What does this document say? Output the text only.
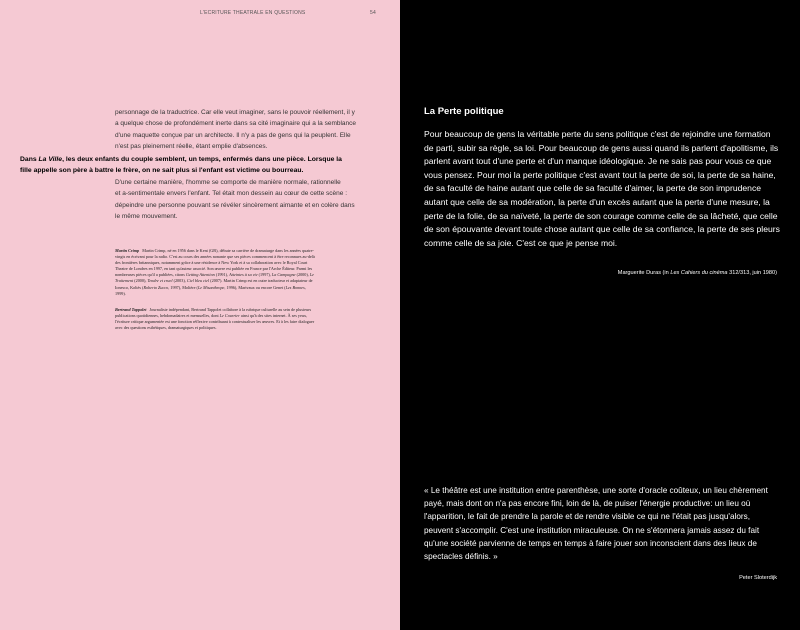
L'ECRITURE THEATRALE EN QUESTIONS	54

personnage de la traductrice. Car elle veut imaginer, sans le pouvoir réellement, il y

a quelque chose de profondément inerte dans sa cité imaginaire qui a la semblance

d'une maquette conçue par un architecte. Il n'y a pas de gens qui la peuplent. Elle

n'est pas pleinement réelle, étant emplie d'absences.

Dans La Ville, les deux enfants du couple semblent, un temps, enfermés dans une pièce. Lorsque la
fille appelle son père à battre le frère, on ne sait plus si l'enfant est victime ou bourreau.
D'une certaine manière, l'homme se comporte de manière normale, rationnelle
et a-sentimentale envers l'enfant. Tel était mon dessein au cœur de cette scène :
dépeindre une personne pouvant se révéler sincèrement aimante et en colère dans
le même mouvement.

Martin Crimp Martin Crimp, né en 1956 dans le Kent (GB), débute sa carrière de dramaturge dans les années quatre-vingts en écrivant pour la radio. C'est au cours des années nonante que ses pièces commencent à être reconnues au-delà des frontières britanniques, notamment grâce à une résidence à New York et à sa collaboration avec le Royal Court Theatre de Londres en 1997, en tant qu'auteur associé. Son œuvre est publiée en France par l'Arche Éditeur. Parmi les nombreuses pièces qu'il a publiées, citons Getting Attention (1991), Atteintes à sa vie (1997), La Campagne (2000), Le Traitement (2000), Tendre et cruel (2003), Ciel bleu ciel (2007). Martin Crimp est en outre traducteur et adaptateur de Ionesco, Koltès (Roberto Zucco, 1997), Molière (Le Misanthrope, 1996), Marivaux ou encore Genet (Les Bonnes, 1999).

Bertrand Tappolet Journaliste indépendant, Bertrand Tappolet collabore à la rubrique culturelle au sein de plusieurs publications quotidiennes, hebdomadaires et mensuelles, dont Le Courrier ainsi qu'à des sites internet. À ses yeux, l'écriture critique argumentée est une fonction réflexive contribuant à contextualiser les œuvres. Et à les faire dialoguer avec des questions esthétiques, dramaturgiques et politiques.

La Perte politique

Pour beaucoup de gens la véritable perte du sens politique c'est de rejoindre une formation de parti, subir sa règle, sa loi. Pour beaucoup de gens aussi quand ils parlent d'apolitisme, ils parlent avant tout d'une perte et d'un manque idéologique. Je ne sais pas pour vous ce que vous pensez. Pour moi la perte politique c'est avant tout la perte de soi, la perte de sa haine, de sa faculté de haine autant que celle de sa faculté d'aimer, la perte de son imprudence autant que celle de sa modération, la perte d'un excès autant que la perte d'une mesure, la perte de la folie, de sa naïveté, la perte de son courage comme celle de sa lâcheté, que celle de son épouvante devant toute chose autant que celle de sa confiance, la perte de ses pleurs comme celle de sa joie. C'est ce que je pense moi.

Marguerite Duras (in Les Cahiers du cinéma 312/313, juin 1980)

« Le théâtre est une institution entre parenthèse, une sorte d'oracle coûteux, un lieu chèrement payé, mais dont on n'a pas encore fini, loin de là, de puiser l'énergie productive: un lieu où l'apparition, le fait de prendre la parole et de rendre visible ce qui ne l'était pas jusqu'alors, peuvent s'accomplir. C'est une institution miraculeuse. On ne s'étonnera jamais assez du fait qu'une société parvienne de temps en temps à faire jouer son inconscient dans des lieux de spectacles définis. »

Peter Sloterdijk
